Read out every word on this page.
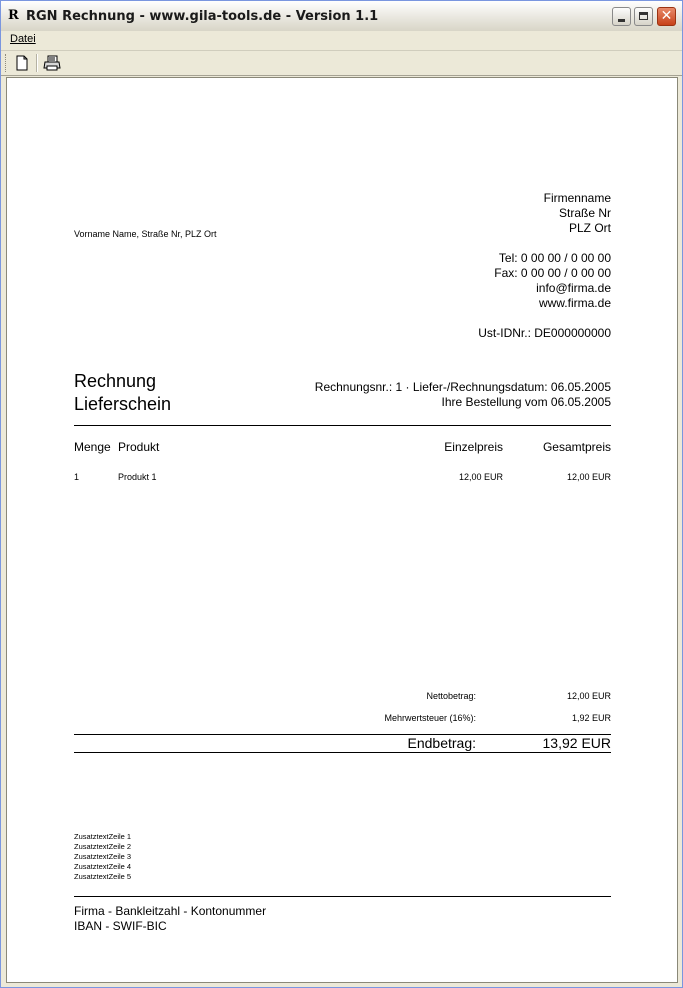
R RGN Rechnung - www.gila-tools.de - Version 1.1	✕
Datei
Vorname Name, Straße Nr, PLZ Ort
Firmenname
Straße Nr
PLZ Ort
Tel: 0 00 00 / 0 00 00
Fax: 0 00 00 / 0 00 00
info@firma.de
www.firma.de
Ust-IDNr.: DE000000000
Rechnung
Lieferschein
Rechnungsnr.: 1 · Liefer-/Rechnungsdatum: 06.05.2005
Ihre Bestellung vom 06.05.2005
Menge Produkt	Einzelpreis	Gesamtpreis
1	Produkt 1	12,00 EUR	12,00 EUR
Nettobetrag:	12,00 EUR
Mehrwertsteuer (16%):	1,92 EUR
Endbetrag:	13,92 EUR
ZusatztextZeile 1
ZusatztextZeile 2
ZusatztextZeile 3
ZusatztextZeile 4
ZusatztextZeile 5
Firma - Bankleitzahl - Kontonummer
IBAN - SWIF-BIC
